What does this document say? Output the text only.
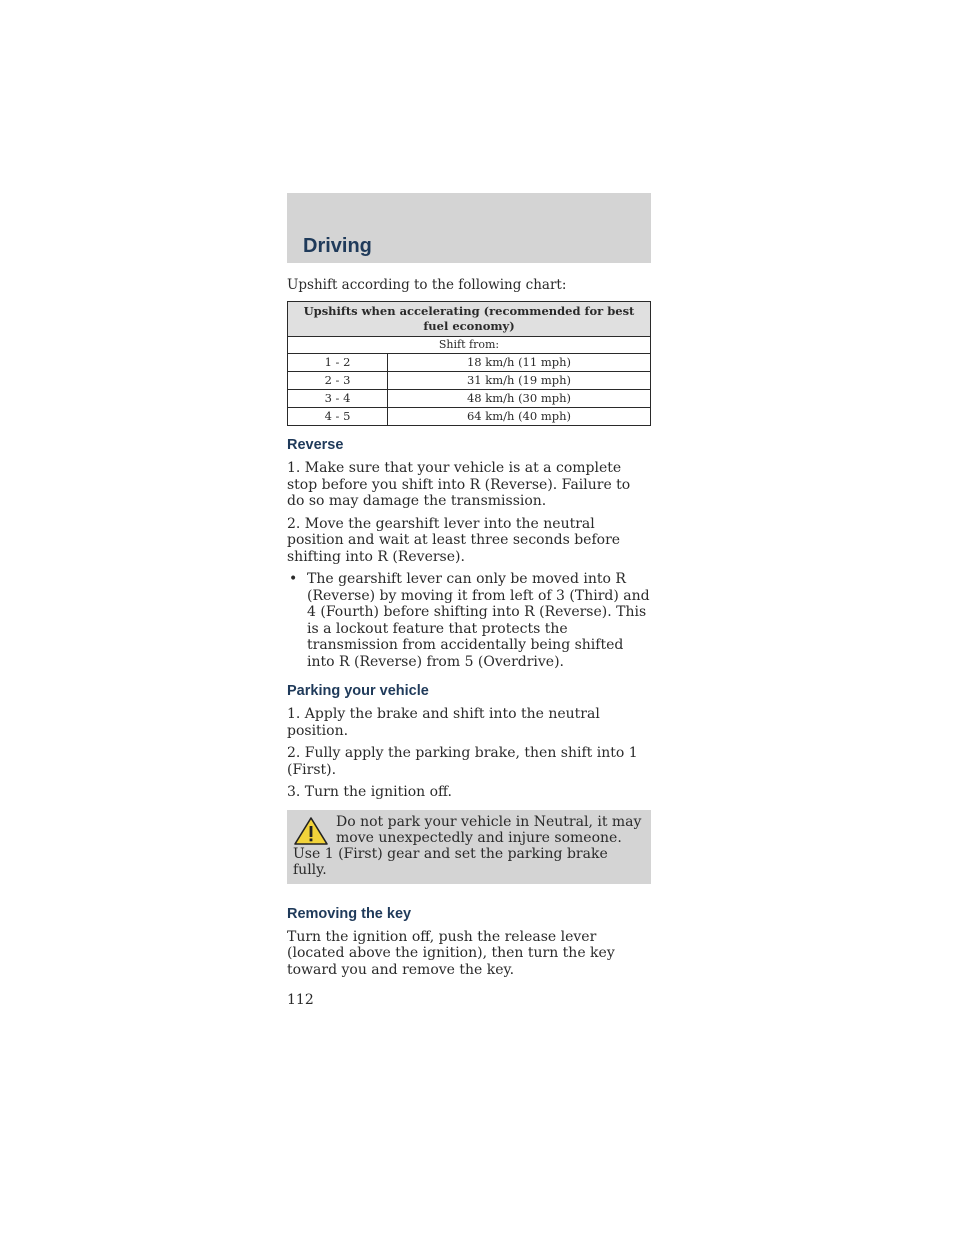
Driving
Upshift according to the following chart:
Upshifts when accelerating (recommended for best fuel economy)	
Shift from:	
1 - 2	18 km/h (11 mph)
2 - 3	31 km/h (19 mph)
3 - 4	48 km/h (30 mph)
4 - 5	64 km/h (40 mph)
Reverse

1. Make sure that your vehicle is at a complete stop before you shift into R (Reverse). Failure to do so may damage the transmission.

2. Move the gearshift lever into the neutral position and wait at least three seconds before shifting into R (Reverse).

• The gearshift lever can only be moved into R (Reverse) by moving it from left of 3 (Third) and 4 (Fourth) before shifting into R (Reverse). This is a lockout feature that protects the transmission from accidentally being shifted into R (Reverse) from 5 (Overdrive).
Parking your vehicle

1. Apply the brake and shift into the neutral position.

2. Fully apply the parking brake, then shift into 1 (First).

3. Turn the ignition off.

Do not park your vehicle in Neutral, it may move unexpectedly and injure someone. Use 1 (First) gear and set the parking brake fully.
Removing the key

Turn the ignition off, push the release lever (located above the ignition), then turn the key toward you and remove the key.

112
